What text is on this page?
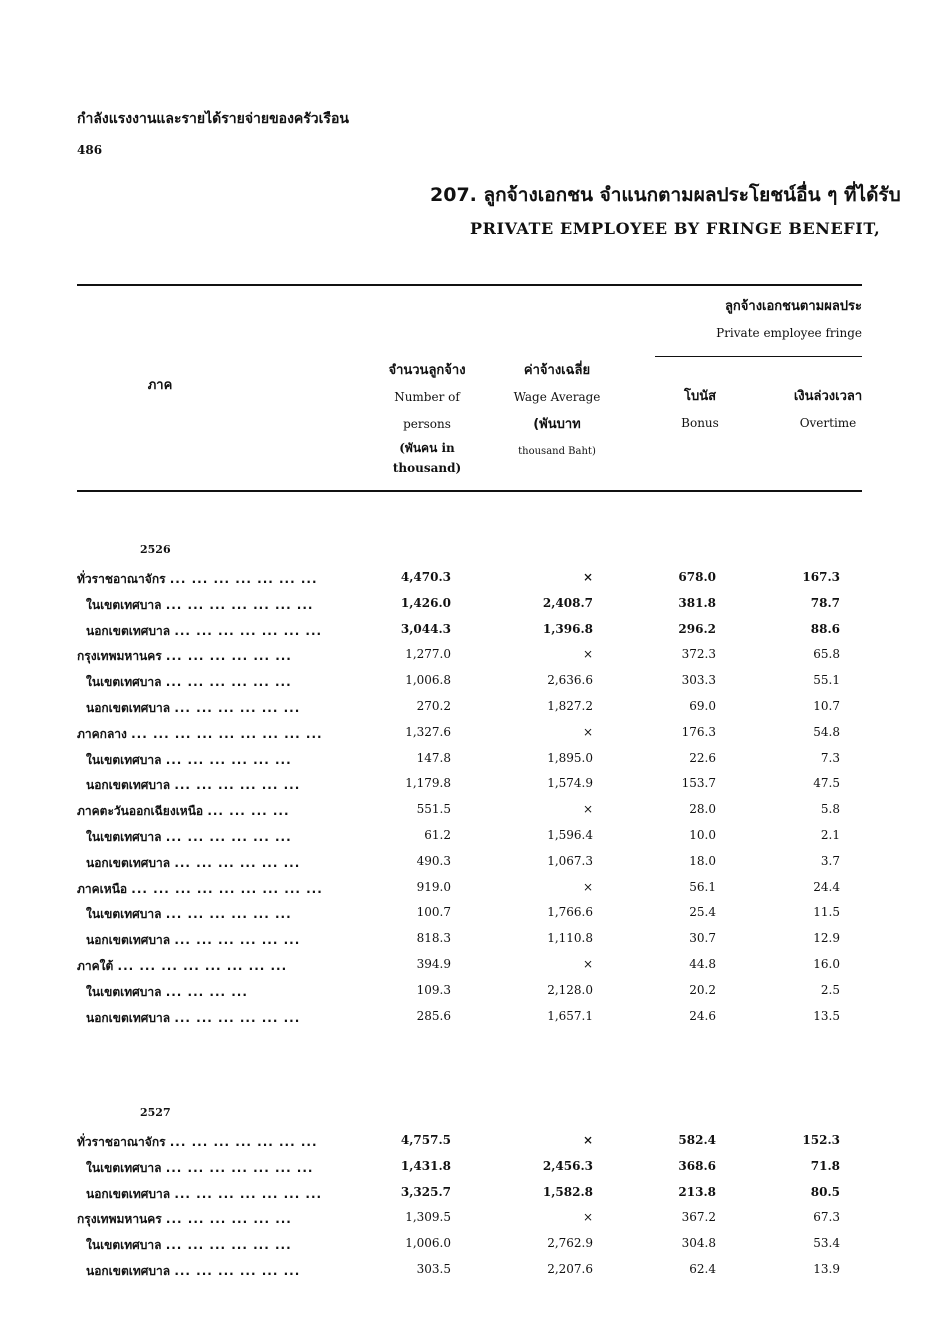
กำลังแรงงานและรายได้รายจ่ายของครัวเรือน
486
207. ลูกจ้างเอกชน จำแนกตามผลประโยชน์อื่น ๆ ที่ได้รับ
PRIVATE EMPLOYEE BY FRINGE BENEFIT,
ภาค
จำนวนลูกจ้าง
Number of
persons
(พันคน in
thousand)
ค่าจ้างเฉลี่ย
Wage Average
(พันบาท
thousand Baht)
ลูกจ้างเอกชนตามผลประ
Private employee fringe
โบนัส
Bonus
เงินล่วงเวลา
Overtime
2526
ทั่วราชอาณาจักร ... ... ... ... ... ... ...	4,470.3	×	678.0	167.3
ในเขตเทศบาล ... ... ... ... ... ... ...	1,426.0	2,408.7	381.8	78.7
นอกเขตเทศบาล ... ... ... ... ... ... ...	3,044.3	1,396.8	296.2	88.6
กรุงเทพมหานคร ... ... ... ... ... ...	1,277.0	×	372.3	65.8
ในเขตเทศบาล ... ... ... ... ... ...	1,006.8	2,636.6	303.3	55.1
นอกเขตเทศบาล ... ... ... ... ... ...	270.2	1,827.2	69.0	10.7
ภาคกลาง ... ... ... ... ... ... ... ... ...	1,327.6	×	176.3	54.8
ในเขตเทศบาล ... ... ... ... ... ...	147.8	1,895.0	22.6	7.3
นอกเขตเทศบาล ... ... ... ... ... ...	1,179.8	1,574.9	153.7	47.5
ภาคตะวันออกเฉียงเหนือ ... ... ... ...	551.5	×	28.0	5.8
ในเขตเทศบาล ... ... ... ... ... ...	61.2	1,596.4	10.0	2.1
นอกเขตเทศบาล ... ... ... ... ... ...	490.3	1,067.3	18.0	3.7
ภาคเหนือ ... ... ... ... ... ... ... ... ...	919.0	×	56.1	24.4
ในเขตเทศบาล ... ... ... ... ... ...	100.7	1,766.6	25.4	11.5
นอกเขตเทศบาล ... ... ... ... ... ...	818.3	1,110.8	30.7	12.9
ภาคใต้ ... ... ... ... ... ... ... ...	394.9	×	44.8	16.0
ในเขตเทศบาล ... ... ... ...	109.3	2,128.0	20.2	2.5
นอกเขตเทศบาล ... ... ... ... ... ...	285.6	1,657.1	24.6	13.5
2527
ทั่วราชอาณาจักร ... ... ... ... ... ... ...	4,757.5	×	582.4	152.3
ในเขตเทศบาล ... ... ... ... ... ... ...	1,431.8	2,456.3	368.6	71.8
นอกเขตเทศบาล ... ... ... ... ... ... ...	3,325.7	1,582.8	213.8	80.5
กรุงเทพมหานคร ... ... ... ... ... ...	1,309.5	×	367.2	67.3
ในเขตเทศบาล ... ... ... ... ... ...	1,006.0	2,762.9	304.8	53.4
นอกเขตเทศบาล ... ... ... ... ... ...	303.5	2,207.6	62.4	13.9
